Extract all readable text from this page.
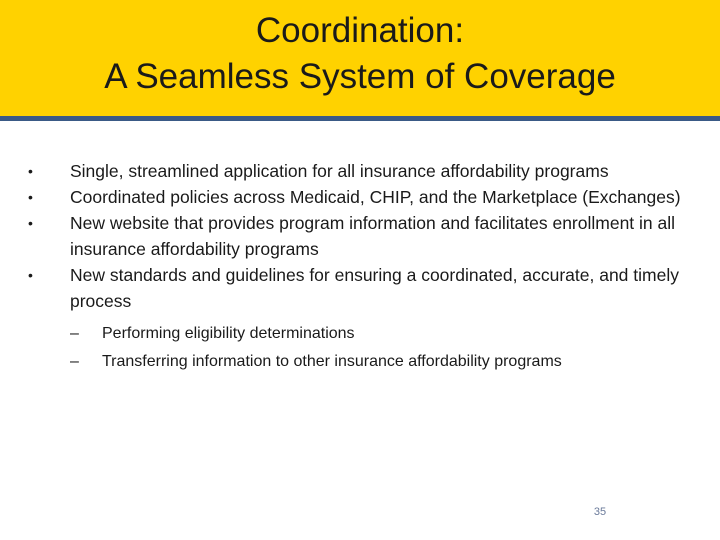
Coordination:
A Seamless System of Coverage
•	Single, streamlined application for all insurance affordability programs
•	Coordinated policies across Medicaid, CHIP, and the Marketplace (Exchanges)
•	New website that provides program information and facilitates enrollment in all insurance affordability programs
•	New standards and guidelines for ensuring a coordinated, accurate, and timely process
–	Performing eligibility determinations
–	Transferring information to other insurance affordability programs
35
